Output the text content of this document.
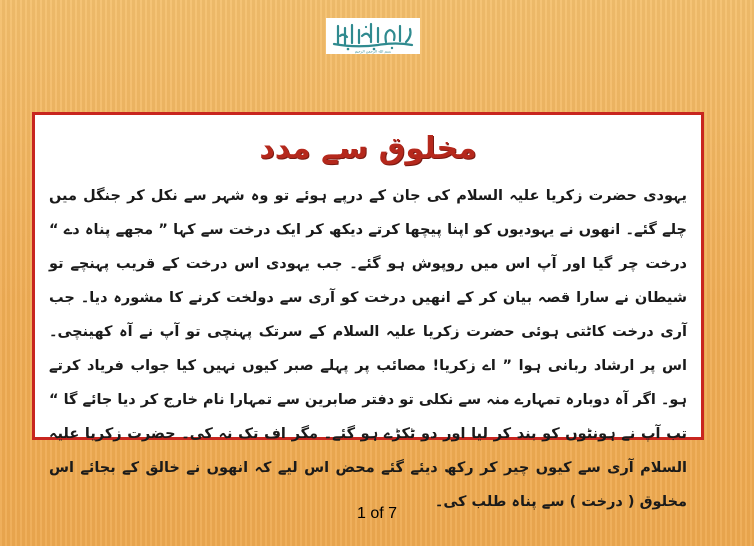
بسم اللہ الرحمن الرحیم
مخلوق سے مدد

یہودی حضرت زکریا علیہ السلام کی جان کے درپے ہوئے تو وہ شہر سے نکل کر جنگل میں چلے گئے۔ انھوں نے یہودیوں کو اپنا پیچھا کرتے دیکھ کر ایک درخت سے کہا ” مجھے پناہ دے “ درخت چر گیا اور آپ اس میں روپوش ہو گئے۔ جب یہودی اس درخت کے قریب پہنچے تو شیطان نے سارا قصہ بیان کر کے انھیں درخت کو آری سے دولخت کرنے کا مشورہ دیا۔ جب آری درخت کاٹتی ہوئی حضرت زکریا علیہ السلام کے سرتک پہنچی تو آپ نے آہ کھینچی۔ اس پر ارشاد ربانی ہوا ” اے زکریا! مصائب پر پہلے صبر کیوں نہیں کیا جواب فریاد کرتے ہو۔ اگر آہ دوبارہ تمہارے منہ سے نکلی تو دفتر صابرین سے تمہارا نام خارج کر دیا جائے گا “ تب آپ نے ہونٹوں کو بند کر لیا اور دو ٹکڑے ہو گئے۔ مگر اف تک نہ کی۔ حضرت زکریا علیہ السلام آری سے کیوں چیر کر رکھ دیئے گئے محض اس لیے کہ انھوں نے خالق کے بجائے اس مخلوق ( درخت ) سے پناہ طلب کی۔

1 of 7
